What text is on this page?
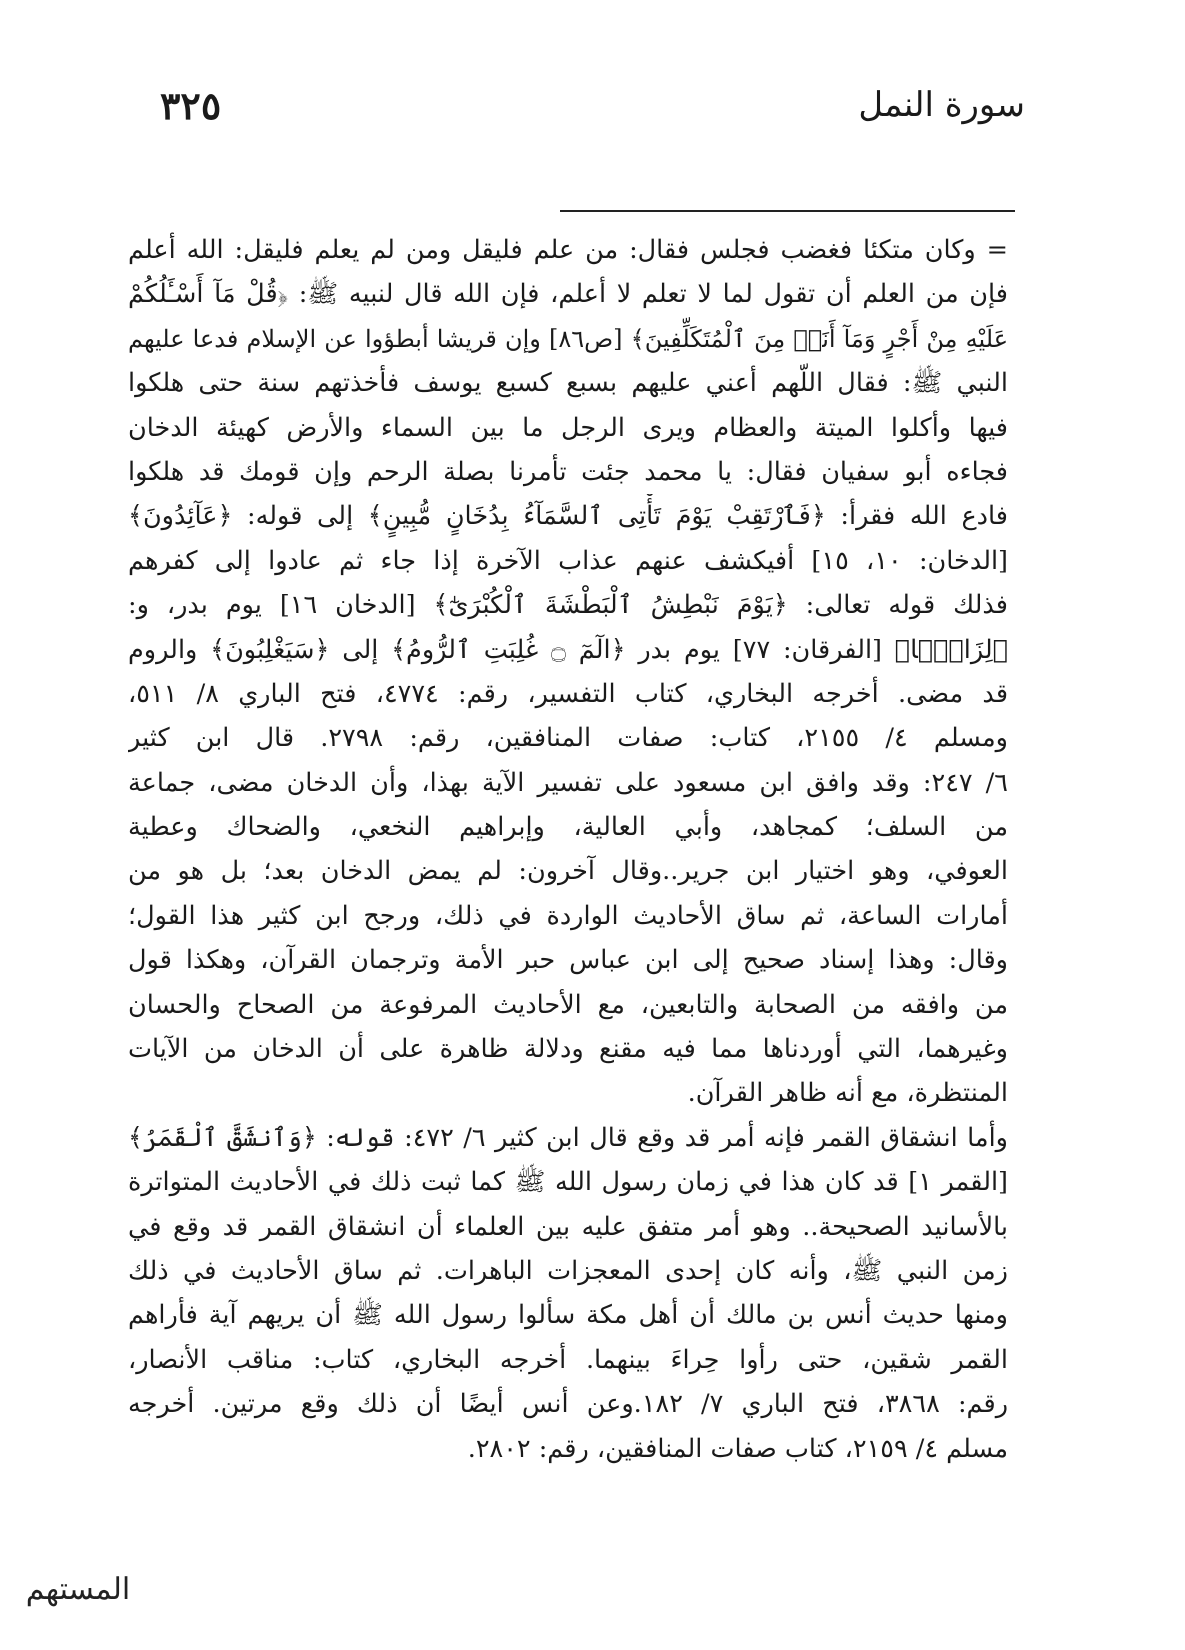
سورة النمل
٣٢٥
= وكان متكئا فغضب فجلس فقال: من علم فليقل ومن لم يعلم فليقل: الله أعلم
فإن من العلم أن تقول لما لا تعلم لا أعلم، فإن الله قال لنبيه ﷺ: ﴿قُلْ مَآ أَسْـَٔلُكُمْ
عَلَيْهِ مِنْ أَجْرٍ وَمَآ أَنَا۠ مِنَ ٱلْمُتَكَلِّفِينَ﴾ [ص٨٦] وإن قريشا أبطؤوا عن الإسلام فدعا عليهم
النبي ﷺ: فقال اللّهم أعني عليهم بسبع كسبع يوسف فأخذتهم سنة حتى هلكوا
فيها وأكلوا الميتة والعظام ويرى الرجل ما بين السماء والأرض كهيئة الدخان
فجاءه أبو سفيان فقال: يا محمد جئت تأمرنا بصلة الرحم وإن قومك قد هلكوا
فادع الله فقرأ: ﴿فَٱرْتَقِبْ يَوْمَ تَأْتِى ٱلسَّمَآءُ بِدُخَانٍ مُّبِينٍ﴾ إلى قوله: ﴿عَآئِدُونَ﴾
[الدخان: ١٠، ١٥] أفيكشف عنهم عذاب الآخرة إذا جاء ثم عادوا إلى كفرهم
فذلك قوله تعالى: ﴿يَوْمَ نَبْطِشُ ٱلْبَطْشَةَ ٱلْكُبْرَىٰٓ﴾ [الدخان ١٦] يوم بدر، و:
﴿لِزَامًۢا﴾ [الفرقان: ٧٧] يوم بدر ﴿الٓمٓ ۝ غُلِبَتِ ٱلرُّومُ﴾ إلى ﴿سَيَغْلِبُونَ﴾ والروم
قد مضى. أخرجه البخاري، كتاب التفسير، رقم: ٤٧٧٤، فتح الباري ٨/ ٥١١،
ومسلم ٤/ ٢١٥٥، كتاب: صفات المنافقين، رقم: ٢٧٩٨. قال ابن كثير
٦/ ٢٤٧: وقد وافق ابن مسعود على تفسير الآية بهذا، وأن الدخان مضى، جماعة
من السلف؛ كمجاهد، وأبي العالية، وإبراهيم النخعي، والضحاك وعطية
العوفي، وهو اختيار ابن جرير..وقال آخرون: لم يمض الدخان بعد؛ بل هو من
أمارات الساعة، ثم ساق الأحاديث الواردة في ذلك، ورجح ابن كثير هذا القول؛
وقال: وهذا إسناد صحيح إلى ابن عباس حبر الأمة وترجمان القرآن، وهكذا قول
من وافقه من الصحابة والتابعين، مع الأحاديث المرفوعة من الصحاح والحسان
وغيرهما، التي أوردناها مما فيه مقنع ودلالة ظاهرة على أن الدخان من الآيات
المنتظرة، مع أنه ظاهر القرآن.
وأما انشقاق القمر فإنه أمر قد وقع قال ابن كثير ٦/ ٤٧٢: قوله: ﴿وَٱنشَقَّ ٱلْقَمَرُ﴾
[القمر ١] قد كان هذا في زمان رسول الله ﷺ كما ثبت ذلك في الأحاديث المتواترة
بالأسانيد الصحيحة.. وهو أمر متفق عليه بين العلماء أن انشقاق القمر قد وقع في
زمن النبي ﷺ، وأنه كان إحدى المعجزات الباهرات. ثم ساق الأحاديث في ذلك
ومنها حديث أنس بن مالك أن أهل مكة سألوا رسول الله ﷺ أن يريهم آية فأراهم
القمر شقين، حتى رأوا حِراءَ بينهما. أخرجه البخاري، كتاب: مناقب الأنصار،
رقم: ٣٨٦٨، فتح الباري ٧/ ١٨٢.وعن أنس أيضًا أن ذلك وقع مرتين. أخرجه
مسلم ٤/ ٢١٥٩، كتاب صفات المنافقين، رقم: ٢٨٠٢.
المستهم
